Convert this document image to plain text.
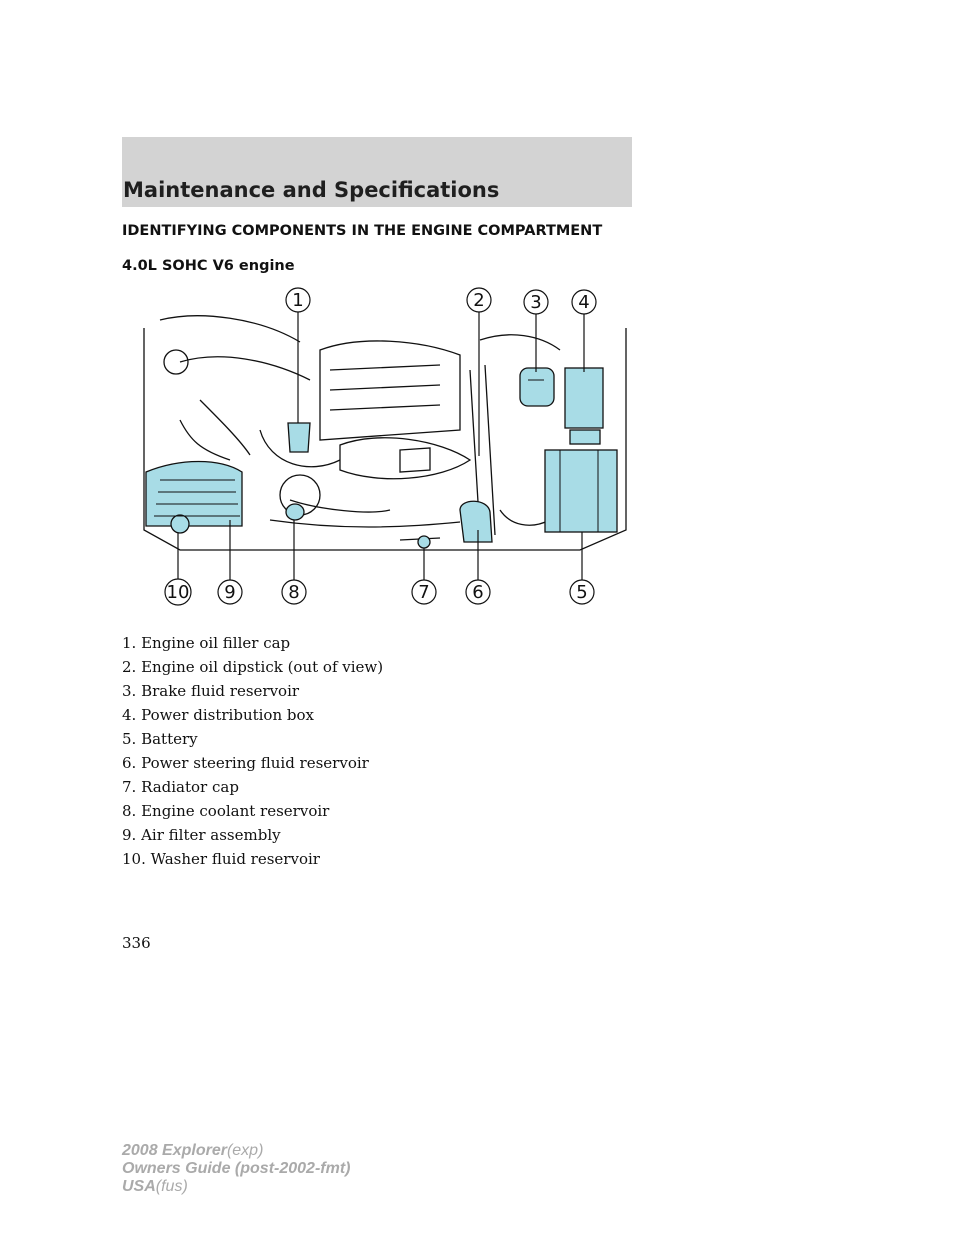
Maintenance and Specifications
IDENTIFYING COMPONENTS IN THE ENGINE COMPARTMENT
4.0L SOHC V6 engine
1	2	3 4
5
6
7
8
9
10
1. Engine oil filler cap
2. Engine oil dipstick (out of view)
3. Brake fluid reservoir
4. Power distribution box
5. Battery
6. Power steering fluid reservoir
7. Radiator cap
8. Engine coolant reservoir
9. Air filter assembly
10. Washer fluid reservoir
336
2008 Explorer(exp)
Owners Guide (post-2002-fmt)
USA(fus)
